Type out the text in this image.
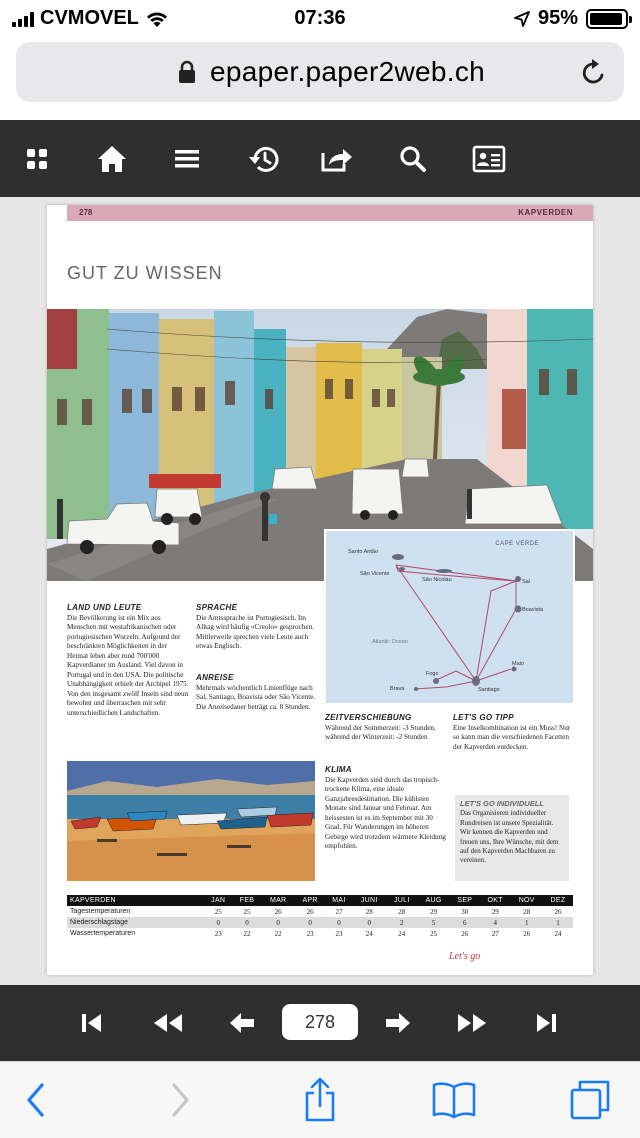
CVMOVEL	07:36	95%
epaper.paper2web.ch
278	KAPVERDEN
GUT ZU WISSEN
CAPE VERDE
Santo Antão
São Vicente
São Nicolau	Sal
Boavista
Atlantic Ocean
Maio
Fogo
Brava	Santiago
LAND UND LEUTE

Die Bevölkerung ist ein Mix aus Menschen mit westafrikanischen oder portugiesischen Wurzeln. Aufgrund der beschränkten Möglichkeiten in der Heimat leben aber rund 700'000 Kapverdianer im Ausland. Viel davon in Portugal und in den USA. Die politische Unabhängigkeit erhielt der Archipel 1975. Von den insgesamt zwölf Inseln sind neun bewohnt und überraschen mit sehr unterschiedlichen Landschaften.

SPRACHE

Die Amtssprache ist Portugiesisch. Im Alltag wird häufig «Creolo» gesprochen. Mittlerweile sprechen viele Leute auch etwas Englisch.

ANREISE

Mehrmals wöchentlich Linienflüge nach Sal, Santiago, Boavista oder São Vicente. Die Anreisedauer beträgt ca. 8 Stunden.

ZEITVERSCHIEBUNG

Während der Sommerzeit: -3 Stunden, während der Winterzeit: -2 Stunden

KLIMA

Die Kapverden sind durch das tropisch-trockene Klima, eine ideale Ganzjahresdestination. Die kühlsten Monate sind Januar und Februar. Am heissesten ist es im September mit 30 Grad. Für Wanderungen im höheren Gebirge wird trotzdem wärmere Kleidung empfohlen.

LET'S GO TIPP

Eine Inselkombination ist ein Muss! Nur so kann man die verschiedenen Facetten der Kapverden entdecken.

LET'S GO INDIVIDUELL

Das Organisieren individueller Rundreisen ist unsere Spezialität. Wir kennen die Kapverden und freuen uns, Ihre Wünsche, mit dem auf den Kapverden Machbaren zu vereinen.

KAPVERDEN	JAN	FEB	MAR	APR	MAI	JUNI	JULI	AUG	SEP	OKT	NOV	DEZ
Tagestemperaturen	25	25	26	26	27	28	28	29	30	29	28	26
Niederschlagstage	0	0	0	0	0	0	2	5	6	4	1	1
Wassertemperaturen	23	22	22	23	23	24	24	25	26	27	26	24
Let's go
278
